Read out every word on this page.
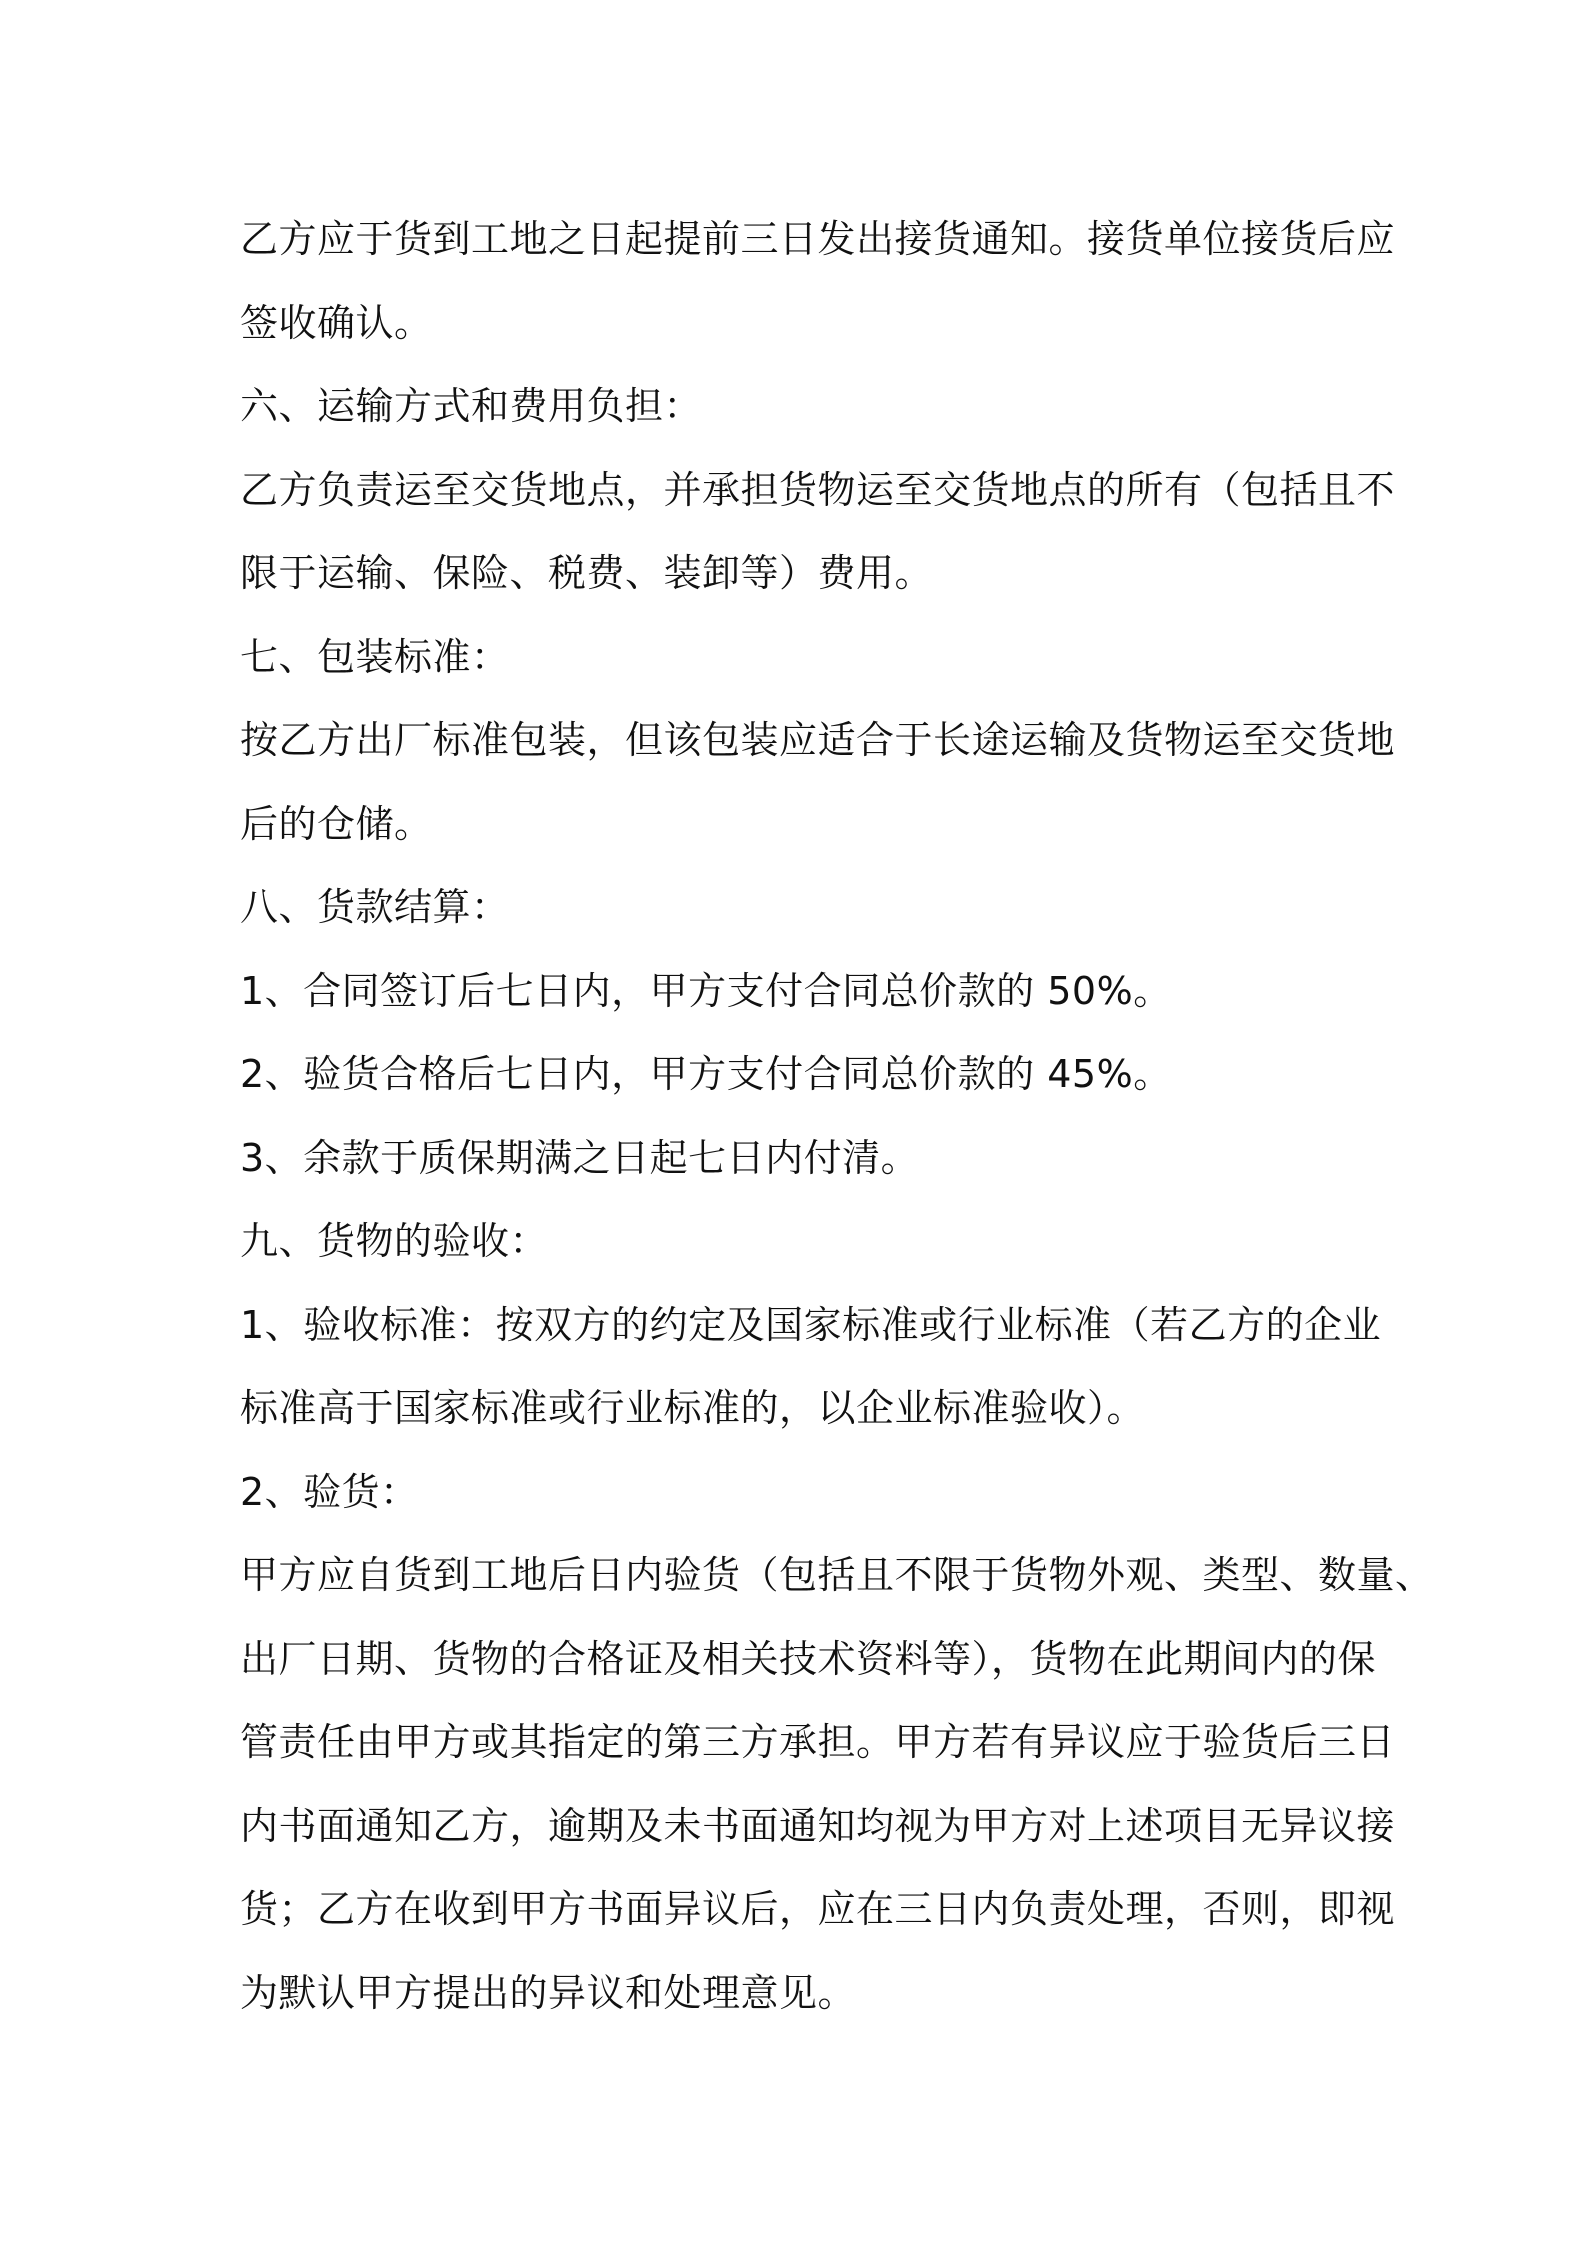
乙方应于货到工地之日起提前三日发出接货通知。接货单位接货后应

签收确认。

六、运输方式和费用负担：

乙方负责运至交货地点，并承担货物运至交货地点的所有（包括且不

限于运输、保险、税费、装卸等）费用。

七、包装标准：

按乙方出厂标准包装，但该包装应适合于长途运输及货物运至交货地

后的仓储。

八、货款结算：

1、合同签订后七日内，甲方支付合同总价款的 50%。

2、验货合格后七日内，甲方支付合同总价款的 45%。

3、余款于质保期满之日起七日内付清。

九、货物的验收：

1、验收标准：按双方的约定及国家标准或行业标准（若乙方的企业

标准高于国家标准或行业标准的，以企业标准验收）。

2、验货：

甲方应自货到工地后日内验货（包括且不限于货物外观、类型、数量、

出厂日期、货物的合格证及相关技术资料等），货物在此期间内的保

管责任由甲方或其指定的第三方承担。甲方若有异议应于验货后三日

内书面通知乙方，逾期及未书面通知均视为甲方对上述项目无异议接

货；乙方在收到甲方书面异议后，应在三日内负责处理，否则，即视

为默认甲方提出的异议和处理意见。
